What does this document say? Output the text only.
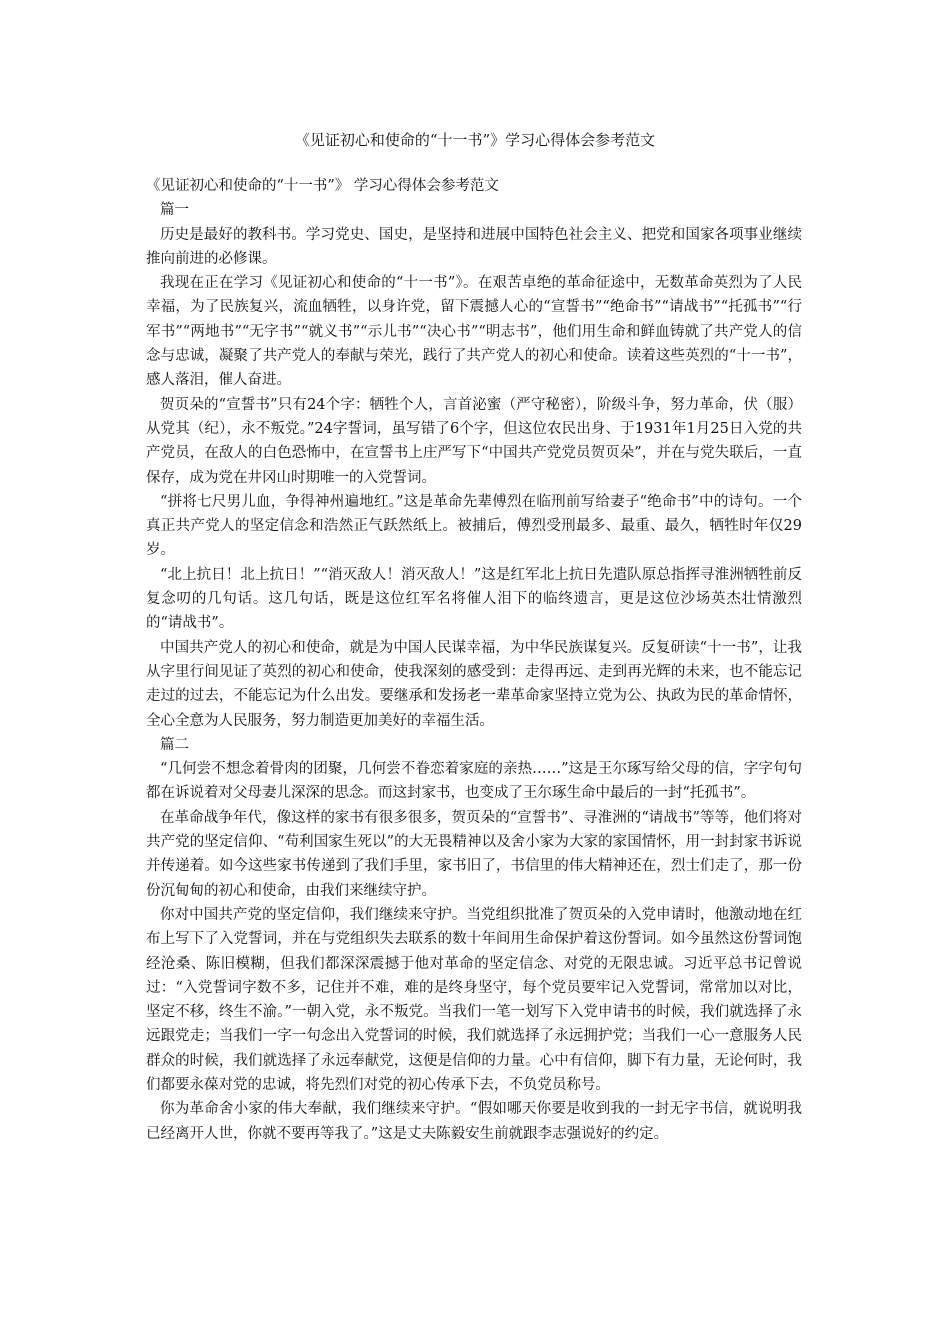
《见证初心和使命的“十一书”》学习心得体会参考范文

《见证初心和使命的“十一书”》 学习心得体会参考范文

篇一

历史是最好的教科书。学习党史、国史，是坚持和进展中国特色社会主义、把党和国家各项事业继续推向前进的必修课。

我现在正在学习《见证初心和使命的“十一书”》。在艰苦卓绝的革命征途中，无数革命英烈为了人民幸福，为了民族复兴，流血牺牲，以身许党，留下震撼人心的“宣誓书”“绝命书”“请战书”“托孤书”“行军书”“两地书”“无字书”“就义书”“示儿书”“决心书”“明志书”，他们用生命和鲜血铸就了共产党人的信念与忠诚，凝聚了共产党人的奉献与荣光，践行了共产党人的初心和使命。读着这些英烈的“十一书”，感人落泪，催人奋进。

贺页朵的“宣誓书”只有24个字：牺牲个人，言首泌蜜（严守秘密），阶级斗争，努力革命，伏（服）从党其（纪），永不叛党。”24字誓词，虽写错了6个字，但这位农民出身、于1931年1月25日入党的共产党员，在敌人的白色恐怖中，在宣誓书上庄严写下“中国共产党党员贺页朵”，并在与党失联后，一直保存，成为党在井冈山时期唯一的入党誓词。

“拼将七尺男儿血，争得神州遍地红。”这是革命先辈傅烈在临刑前写给妻子“绝命书”中的诗句。一个真正共产党人的坚定信念和浩然正气跃然纸上。被捕后，傅烈受刑最多、最重、最久，牺牲时年仅29岁。

“北上抗日！北上抗日！”“消灭敌人！消灭敌人！”这是红军北上抗日先遣队原总指挥寻淮洲牺牲前反复念叨的几句话。这几句话，既是这位红军名将催人泪下的临终遗言，更是这位沙场英杰壮情激烈的“请战书”。

中国共产党人的初心和使命，就是为中国人民谋幸福，为中华民族谋复兴。反复研读“十一书”，让我从字里行间见证了英烈的初心和使命，使我深刻的感受到：走得再远、走到再光辉的未来，也不能忘记走过的过去，不能忘记为什么出发。要继承和发扬老一辈革命家坚持立党为公、执政为民的革命情怀，全心全意为人民服务，努力制造更加美好的幸福生活。

篇二

“几何尝不想念着骨肉的团聚，几何尝不眷恋着家庭的亲热……”这是王尔琢写给父母的信，字字句句都在诉说着对父母妻儿深深的思念。而这封家书，也变成了王尔琢生命中最后的一封“托孤书”。

在革命战争年代，像这样的家书有很多很多，贺页朵的“宣誓书”、寻淮洲的“请战书”等等，他们将对共产党的坚定信仰、“苟利国家生死以”的大无畏精神以及舍小家为大家的家国情怀，用一封封家书诉说并传递着。如今这些家书传递到了我们手里，家书旧了，书信里的伟大精神还在，烈士们走了，那一份份沉甸甸的初心和使命，由我们来继续守护。

你对中国共产党的坚定信仰，我们继续来守护。当党组织批准了贺页朵的入党申请时，他激动地在红布上写下了入党誓词，并在与党组织失去联系的数十年间用生命保护着这份誓词。如今虽然这份誓词饱经沧桑、陈旧模糊，但我们都深深震撼于他对革命的坚定信念、对党的无限忠诚。习近平总书记曾说过：“入党誓词字数不多，记住并不难，难的是终身坚守，每个党员要牢记入党誓词，常常加以对比，坚定不移，终生不渝。”一朝入党，永不叛党。当我们一笔一划写下入党申请书的时候，我们就选择了永远跟党走；当我们一字一句念出入党誓词的时候，我们就选择了永远拥护党；当我们一心一意服务人民群众的时候，我们就选择了永远奉献党，这便是信仰的力量。心中有信仰，脚下有力量，无论何时，我们都要永葆对党的忠诚，将先烈们对党的初心传承下去，不负党员称号。

你为革命舍小家的伟大奉献，我们继续来守护。“假如哪天你要是收到我的一封无字书信，就说明我已经离开人世，你就不要再等我了。”这是丈夫陈毅安生前就跟李志强说好的约定。
